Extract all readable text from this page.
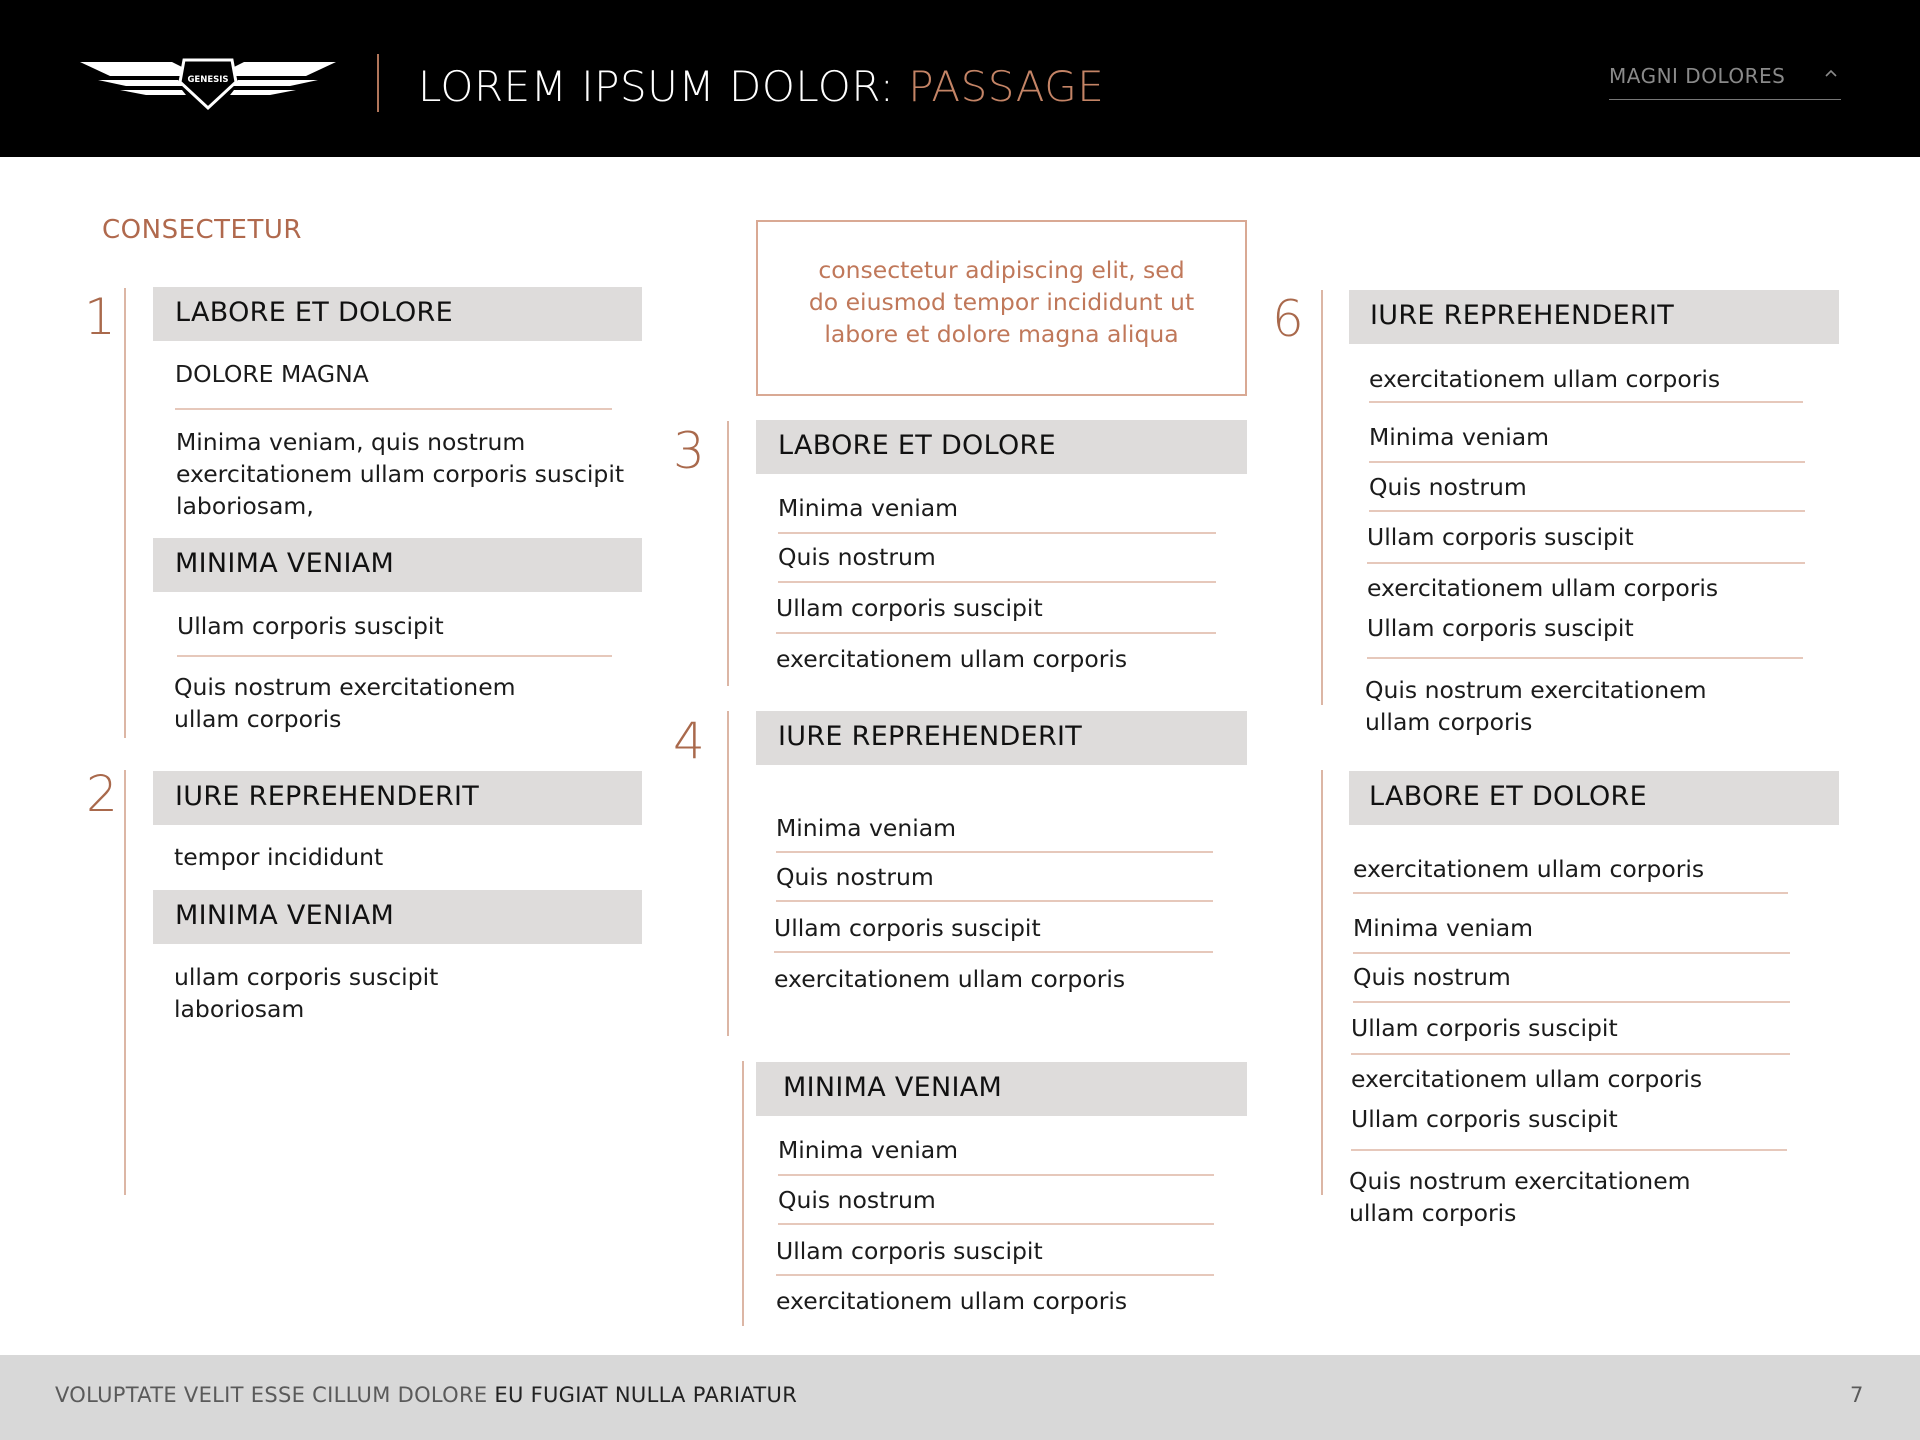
GENESIS	LOREM IPSUM DOLOR: PASSAGE	MAGNI DOLORES
CONSECTETUR
consectetur adipiscing elit, sed
do eiusmod tempor incididunt ut
labore et dolore magna aliqua
1 LABORE ET DOLORE
DOLORE MAGNA
Minima veniam, quis nostrum
exercitationem ullam corporis suscipit
laboriosam,
MINIMA VENIAM
Ullam corporis suscipit
Quis nostrum exercitationem
ullam corporis
2 IURE REPREHENDERIT
tempor incididunt
MINIMA VENIAM
ullam corporis suscipit
laboriosam
3	LABORE ET DOLORE
Minima veniam
Quis nostrum
Ullam corporis suscipit
exercitationem ullam corporis
4	IURE REPREHENDERIT
Minima veniam
Quis nostrum
Ullam corporis suscipit
exercitationem ullam corporis
MINIMA VENIAM
Minima veniam
Quis nostrum
Ullam corporis suscipit
exercitationem ullam corporis
6 IURE REPREHENDERIT
exercitationem ullam corporis
Minima veniam
Quis nostrum
Ullam corporis suscipit
exercitationem ullam corporis
Ullam corporis suscipit
Quis nostrum exercitationem
ullam corporis
LABORE ET DOLORE
exercitationem ullam corporis
Minima veniam
Quis nostrum
Ullam corporis suscipit
exercitationem ullam corporis
Ullam corporis suscipit
Quis nostrum exercitationem
ullam corporis
VOLUPTATE VELIT ESSE CILLUM DOLORE EU FUGIAT NULLA PARIATUR	7
